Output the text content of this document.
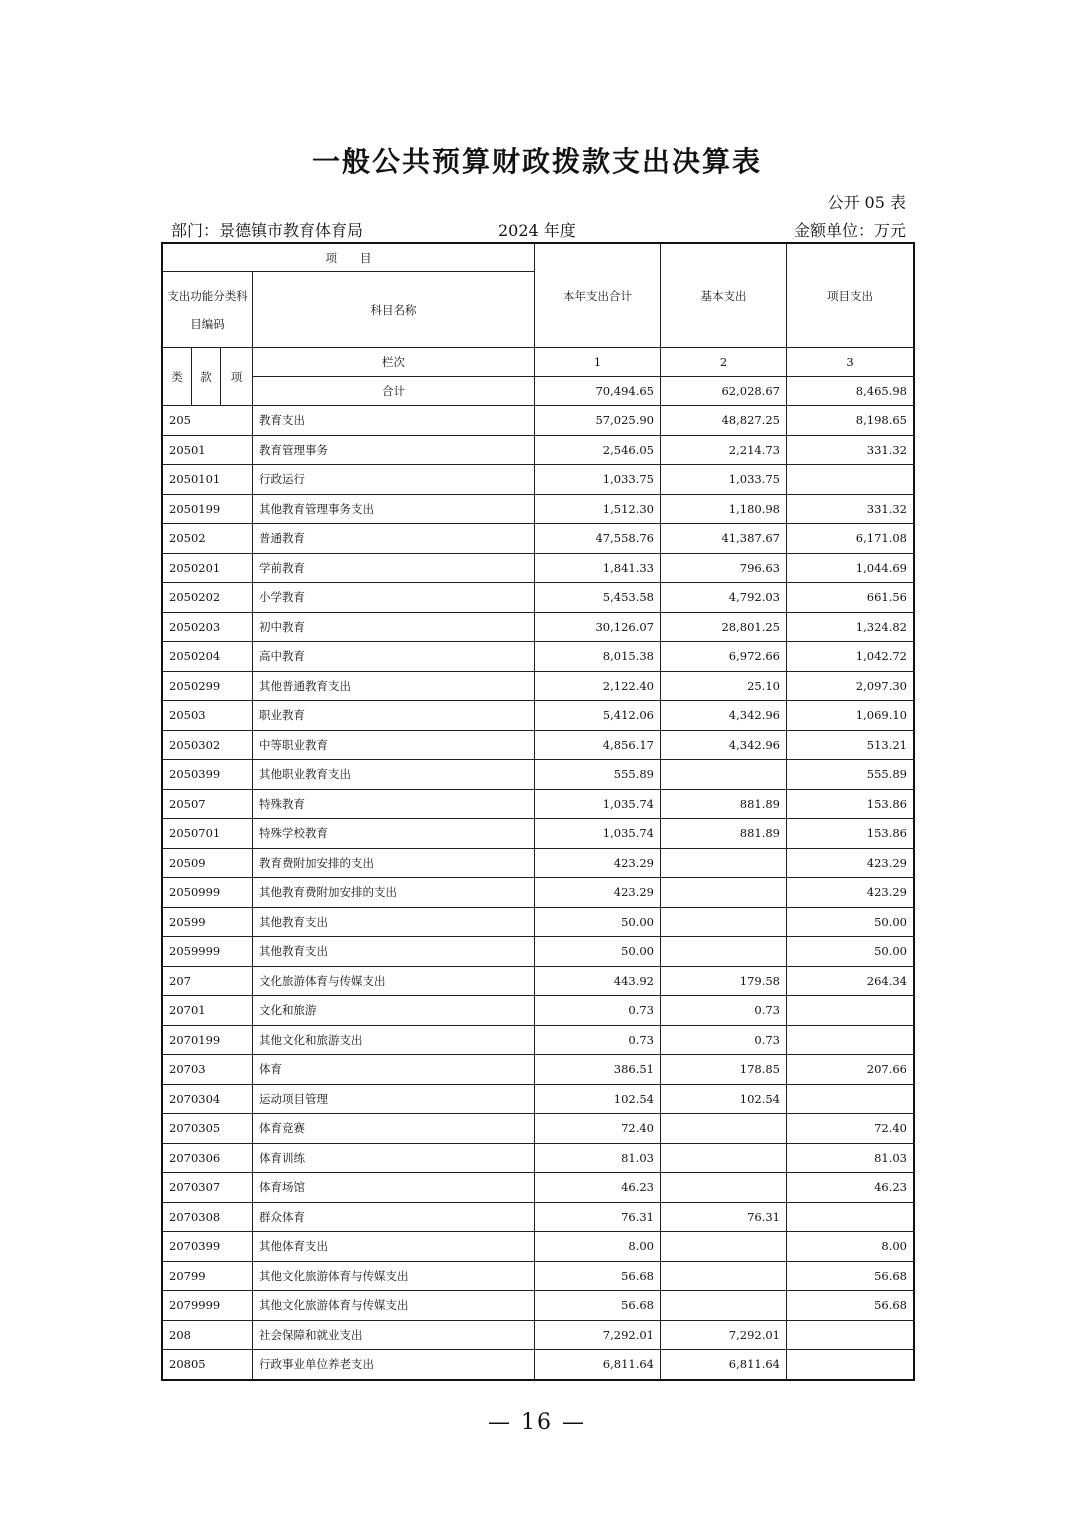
一般公共预算财政拨款支出决算表
公开 05 表
部门：景德镇市教育体育局	2024 年度	金额单位：万元
项　　目				本年支出合计	基本支出	项目支出
支出功能分类科目编码			科目名称			
类	款	项	栏次	1	2	3
			合计	70,494.65	62,028.67	8,465.98
205			教育支出	57,025.90	48,827.25	8,198.65
20501			教育管理事务	2,546.05	2,214.73	331.32
2050101			行政运行	1,033.75	1,033.75	
2050199			其他教育管理事务支出	1,512.30	1,180.98	331.32
20502			普通教育	47,558.76	41,387.67	6,171.08
2050201			学前教育	1,841.33	796.63	1,044.69
2050202			小学教育	5,453.58	4,792.03	661.56
2050203			初中教育	30,126.07	28,801.25	1,324.82
2050204			高中教育	8,015.38	6,972.66	1,042.72
2050299			其他普通教育支出	2,122.40	25.10	2,097.30
20503			职业教育	5,412.06	4,342.96	1,069.10
2050302			中等职业教育	4,856.17	4,342.96	513.21
2050399			其他职业教育支出	555.89		555.89
20507			特殊教育	1,035.74	881.89	153.86
2050701			特殊学校教育	1,035.74	881.89	153.86
20509			教育费附加安排的支出	423.29		423.29
2050999			其他教育费附加安排的支出	423.29		423.29
20599			其他教育支出	50.00		50.00
2059999			其他教育支出	50.00		50.00
207			文化旅游体育与传媒支出	443.92	179.58	264.34
20701			文化和旅游	0.73	0.73	
2070199			其他文化和旅游支出	0.73	0.73	
20703			体育	386.51	178.85	207.66
2070304			运动项目管理	102.54	102.54	
2070305			体育竞赛	72.40		72.40
2070306			体育训练	81.03		81.03
2070307			体育场馆	46.23		46.23
2070308			群众体育	76.31	76.31	
2070399			其他体育支出	8.00		8.00
20799			其他文化旅游体育与传媒支出	56.68		56.68
2079999			其他文化旅游体育与传媒支出	56.68		56.68
208			社会保障和就业支出	7,292.01	7,292.01	
20805			行政事业单位养老支出	6,811.64	6,811.64	
— 16 —
